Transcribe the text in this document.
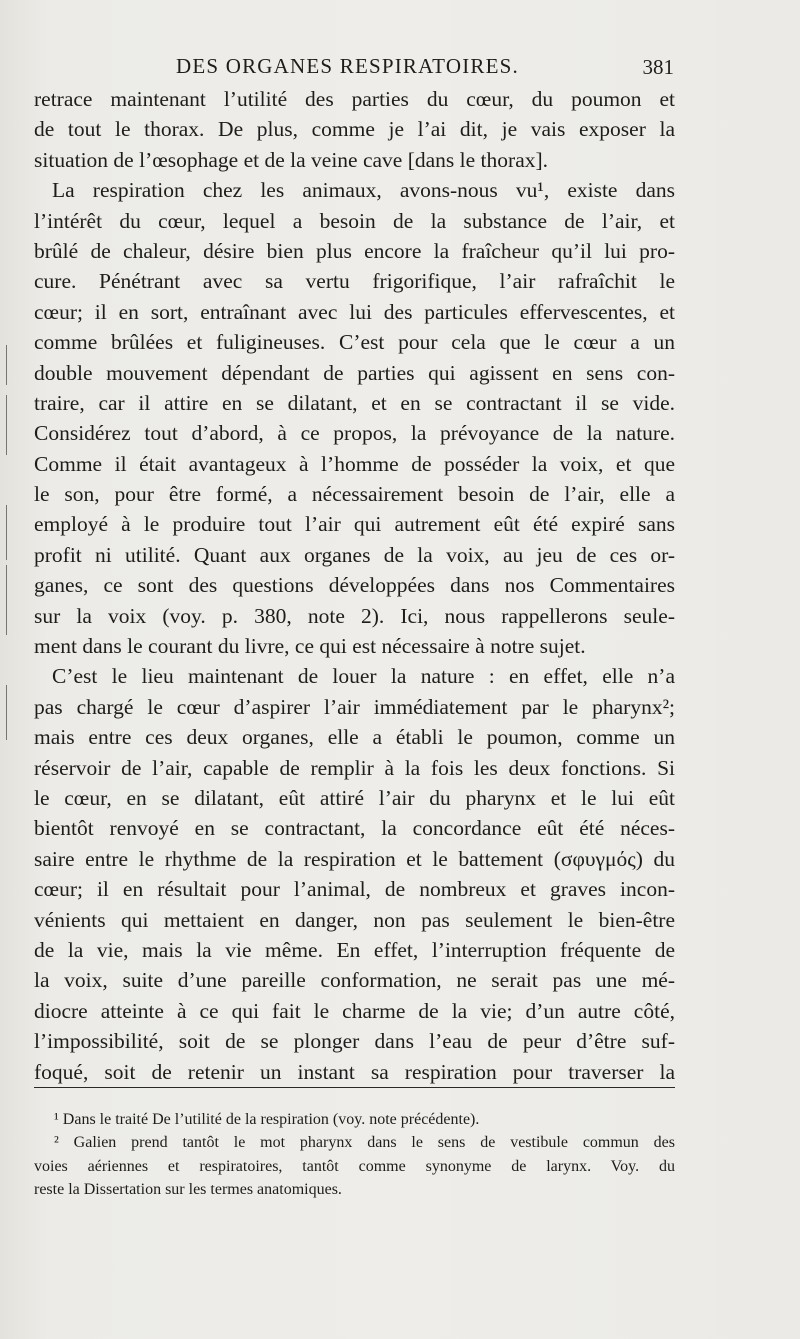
DES ORGANES RESPIRATOIRES.	381
retrace maintenant l’utilité des parties du cœur, du poumon et
de tout le thorax. De plus, comme je l’ai dit, je vais exposer la
situation de l’œsophage et de la veine cave [dans le thorax].
La respiration chez les animaux, avons-nous vu¹, existe dans
l’intérêt du cœur, lequel a besoin de la substance de l’air, et
brûlé de chaleur, désire bien plus encore la fraîcheur qu’il lui pro-
cure. Pénétrant avec sa vertu frigorifique, l’air rafraîchit le
cœur; il en sort, entraînant avec lui des particules effervescentes, et
comme brûlées et fuligineuses. C’est pour cela que le cœur a un
double mouvement dépendant de parties qui agissent en sens con-
traire, car il attire en se dilatant, et en se contractant il se vide.
Considérez tout d’abord, à ce propos, la prévoyance de la nature.
Comme il était avantageux à l’homme de posséder la voix, et que
le son, pour être formé, a nécessairement besoin de l’air, elle a
employé à le produire tout l’air qui autrement eût été expiré sans
profit ni utilité. Quant aux organes de la voix, au jeu de ces or-
ganes, ce sont des questions développées dans nos Commentaires
sur la voix (voy. p. 380, note 2). Ici, nous rappellerons seule-
ment dans le courant du livre, ce qui est nécessaire à notre sujet.
C’est le lieu maintenant de louer la nature : en effet, elle n’a
pas chargé le cœur d’aspirer l’air immédiatement par le pharynx²;
mais entre ces deux organes, elle a établi le poumon, comme un
réservoir de l’air, capable de remplir à la fois les deux fonctions. Si
le cœur, en se dilatant, eût attiré l’air du pharynx et le lui eût
bientôt renvoyé en se contractant, la concordance eût été néces-
saire entre le rhythme de la respiration et le battement (σφυγμός) du
cœur; il en résultait pour l’animal, de nombreux et graves incon-
vénients qui mettaient en danger, non pas seulement le bien-être
de la vie, mais la vie même. En effet, l’interruption fréquente de
la voix, suite d’une pareille conformation, ne serait pas une mé-
diocre atteinte à ce qui fait le charme de la vie; d’un autre côté,
l’impossibilité, soit de se plonger dans l’eau de peur d’être suf-
foqué, soit de retenir un instant sa respiration pour traverser la
¹ Dans le traité De l’utilité de la respiration (voy. note précédente).
² Galien prend tantôt le mot pharynx dans le sens de vestibule commun des
voies aériennes et respiratoires, tantôt comme synonyme de larynx. Voy. du
reste la Dissertation sur les termes anatomiques.
